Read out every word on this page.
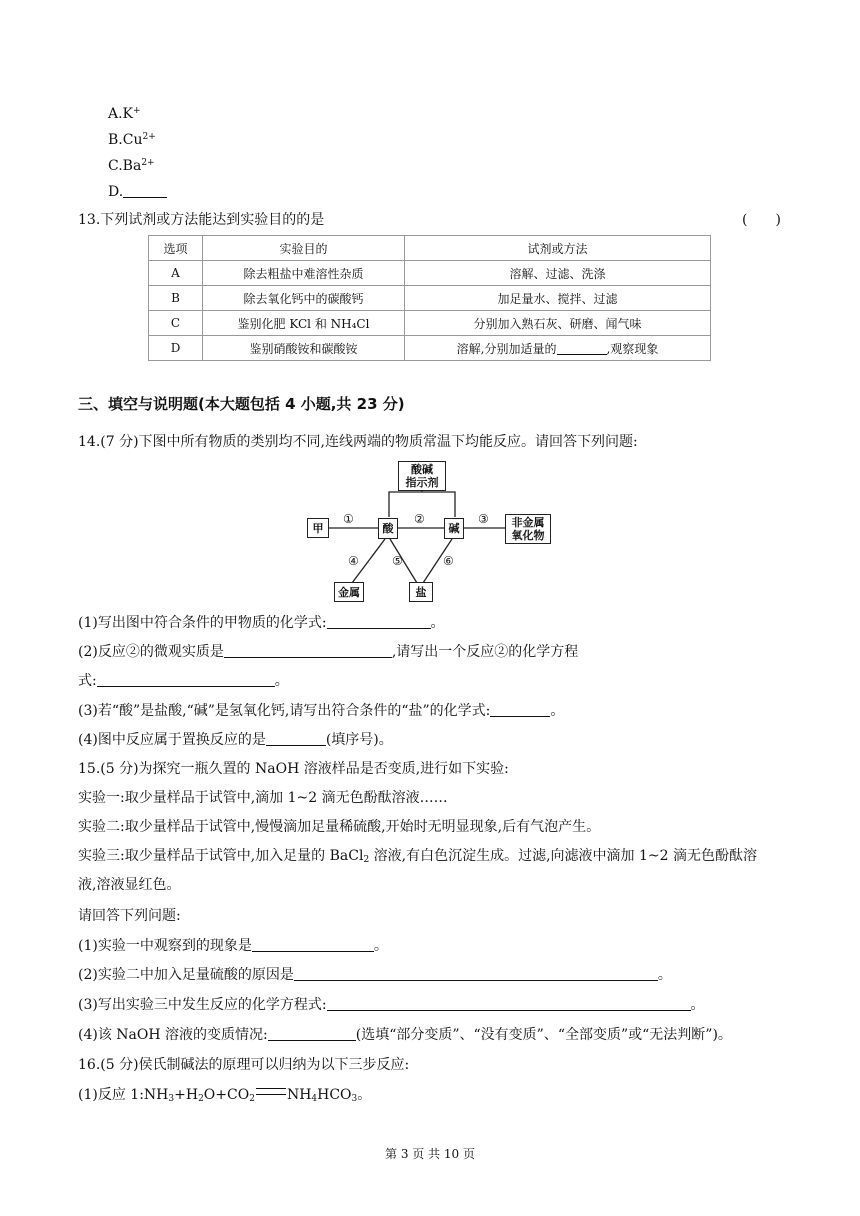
A.K+
$B.Cu^{2+}$
$C.Ba^{2+}$
D.
13.下列试剂或方法能达到实验目的的是	(　　)
选项	实验目的	试剂或方法
A	除去粗盐中难溶性杂质	溶解、过滤、洗涤
B	除去氧化钙中的碳酸钙	加足量水、搅拌、过滤
C	鉴别化肥 KCl 和 NH₄Cl	分别加入熟石灰、研磨、闻气味
D	鉴别硝酸铵和碳酸铵	溶解,分别加适量的 ,观察现象
三、填空与说明题(本大题包括 4 小题,共 23 分)
14.(7 分)下图中所有物质的类别均不同,连线两端的物质常温下均能反应。请回答下列问题:
酸碱
指示剂
甲	酸	碱	非金属
氧化物
金属	盐
①	②	③
④	⑤	⑥
(1)写出图中符合条件的甲物质的化学式:	。
(2)反应②的微观实质是	,请写出一个反应②的化学方程
式:	。
(3)若“酸”是盐酸,“碱”是氢氧化钙,请写出符合条件的“盐”的化学式:	。
(4)图中反应属于置换反应的是	(填序号)。
15.(5 分)为探究一瓶久置的 NaOH 溶液样品是否变质,进行如下实验:
实验一:取少量样品于试管中,滴加 1~2 滴无色酚酞溶液……
实验二:取少量样品于试管中,慢慢滴加足量稀硫酸,开始时无明显现象,后有气泡产生。
实验三:取少量样品于试管中,加入足量的 BaCl$_2$ 溶液,有白色沉淀生成。过滤,向滤液中滴加 1~2 滴无色酚酞溶
液,溶液显红色。
请回答下列问题:
(1)实验一中观察到的现象是	。
(2)实验二中加入足量硫酸的原因是	。
(3)写出实验三中发生反应的化学方程式:	。
(4)该 NaOH 溶液的变质情况:	(选填“部分变质”、“没有变质”、“全部变质”或“无法判断”)。
16.(5 分)侯氏制碱法的原理可以归纳为以下三步反应:
(1)反应 $1:NH_3+H_2O+CO_2$ $NH_4HCO_3$。
第 3 页 共 10 页
